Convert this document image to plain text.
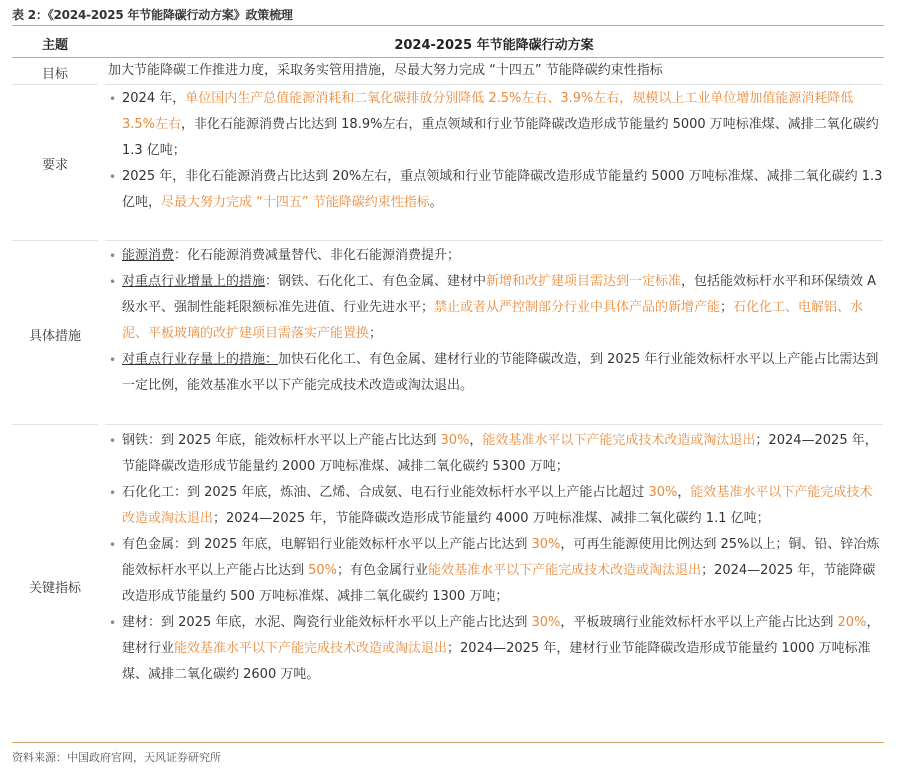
表 2：《2024-2025 年节能降碳行动方案》政策梳理
主题	2024-2025 年节能降碳行动方案
目标	加大节能降碳工作推进力度，采取务实管用措施，尽最大努力完成 “十四五” 节能降碳约束性指标
要求
• 2024 年，单位国内生产总值能源消耗和二氧化碳排放分别降低 2.5%左右、3.9%左右，规模以上工业单位增加值能源消耗降低 3.5%左右，非化石能源消费占比达到 18.9%左右，重点领域和行业节能降碳改造形成节能量约 5000 万吨标准煤、减排二氧化碳约 1.3 亿吨；
• 2025 年，非化石能源消费占比达到 20%左右，重点领域和行业节能降碳改造形成节能量约 5000 万吨标准煤、减排二氧化碳约 1.3 亿吨，尽最大努力完成 “十四五” 节能降碳约束性指标。
具体措施
• 能源消费：化石能源消费减量替代、非化石能源消费提升；
• 对重点行业增量上的措施：钢铁、石化化工、有色金属、建材中新增和改扩建项目需达到一定标准，包括能效标杆水平和环保绩效 A 级水平、强制性能耗限额标准先进值、行业先进水平；禁止或者从严控制部分行业中具体产品的新增产能；石化化工、电解铝、水泥、平板玻璃的改扩建项目需落实产能置换；
• 对重点行业存量上的措施：加快石化化工、有色金属、建材行业的节能降碳改造，到 2025 年行业能效标杆水平以上产能占比需达到一定比例，能效基准水平以下产能完成技术改造或淘汰退出。
关键指标
• 钢铁：到 2025 年底，能效标杆水平以上产能占比达到 30%，能效基准水平以下产能完成技术改造或淘汰退出；2024—2025 年，节能降碳改造形成节能量约 2000 万吨标准煤、减排二氧化碳约 5300 万吨；
• 石化化工：到 2025 年底，炼油、乙烯、合成氨、电石行业能效标杆水平以上产能占比超过 30%，能效基准水平以下产能完成技术改造或淘汰退出；2024—2025 年，节能降碳改造形成节能量约 4000 万吨标准煤、减排二氧化碳约 1.1 亿吨；
• 有色金属：到 2025 年底，电解铝行业能效标杆水平以上产能占比达到 30%，可再生能源使用比例达到 25%以上；铜、铅、锌冶炼能效标杆水平以上产能占比达到 50%；有色金属行业能效基准水平以下产能完成技术改造或淘汰退出；2024—2025 年，节能降碳改造形成节能量约 500 万吨标准煤、减排二氧化碳约 1300 万吨；
• 建材：到 2025 年底，水泥、陶瓷行业能效标杆水平以上产能占比达到 30%，平板玻璃行业能效标杆水平以上产能占比达到 20%，建材行业能效基准水平以下产能完成技术改造或淘汰退出；2024—2025 年，建材行业节能降碳改造形成节能量约 1000 万吨标准煤、减排二氧化碳约 2600 万吨。
资料来源：中国政府官网，天风证券研究所
